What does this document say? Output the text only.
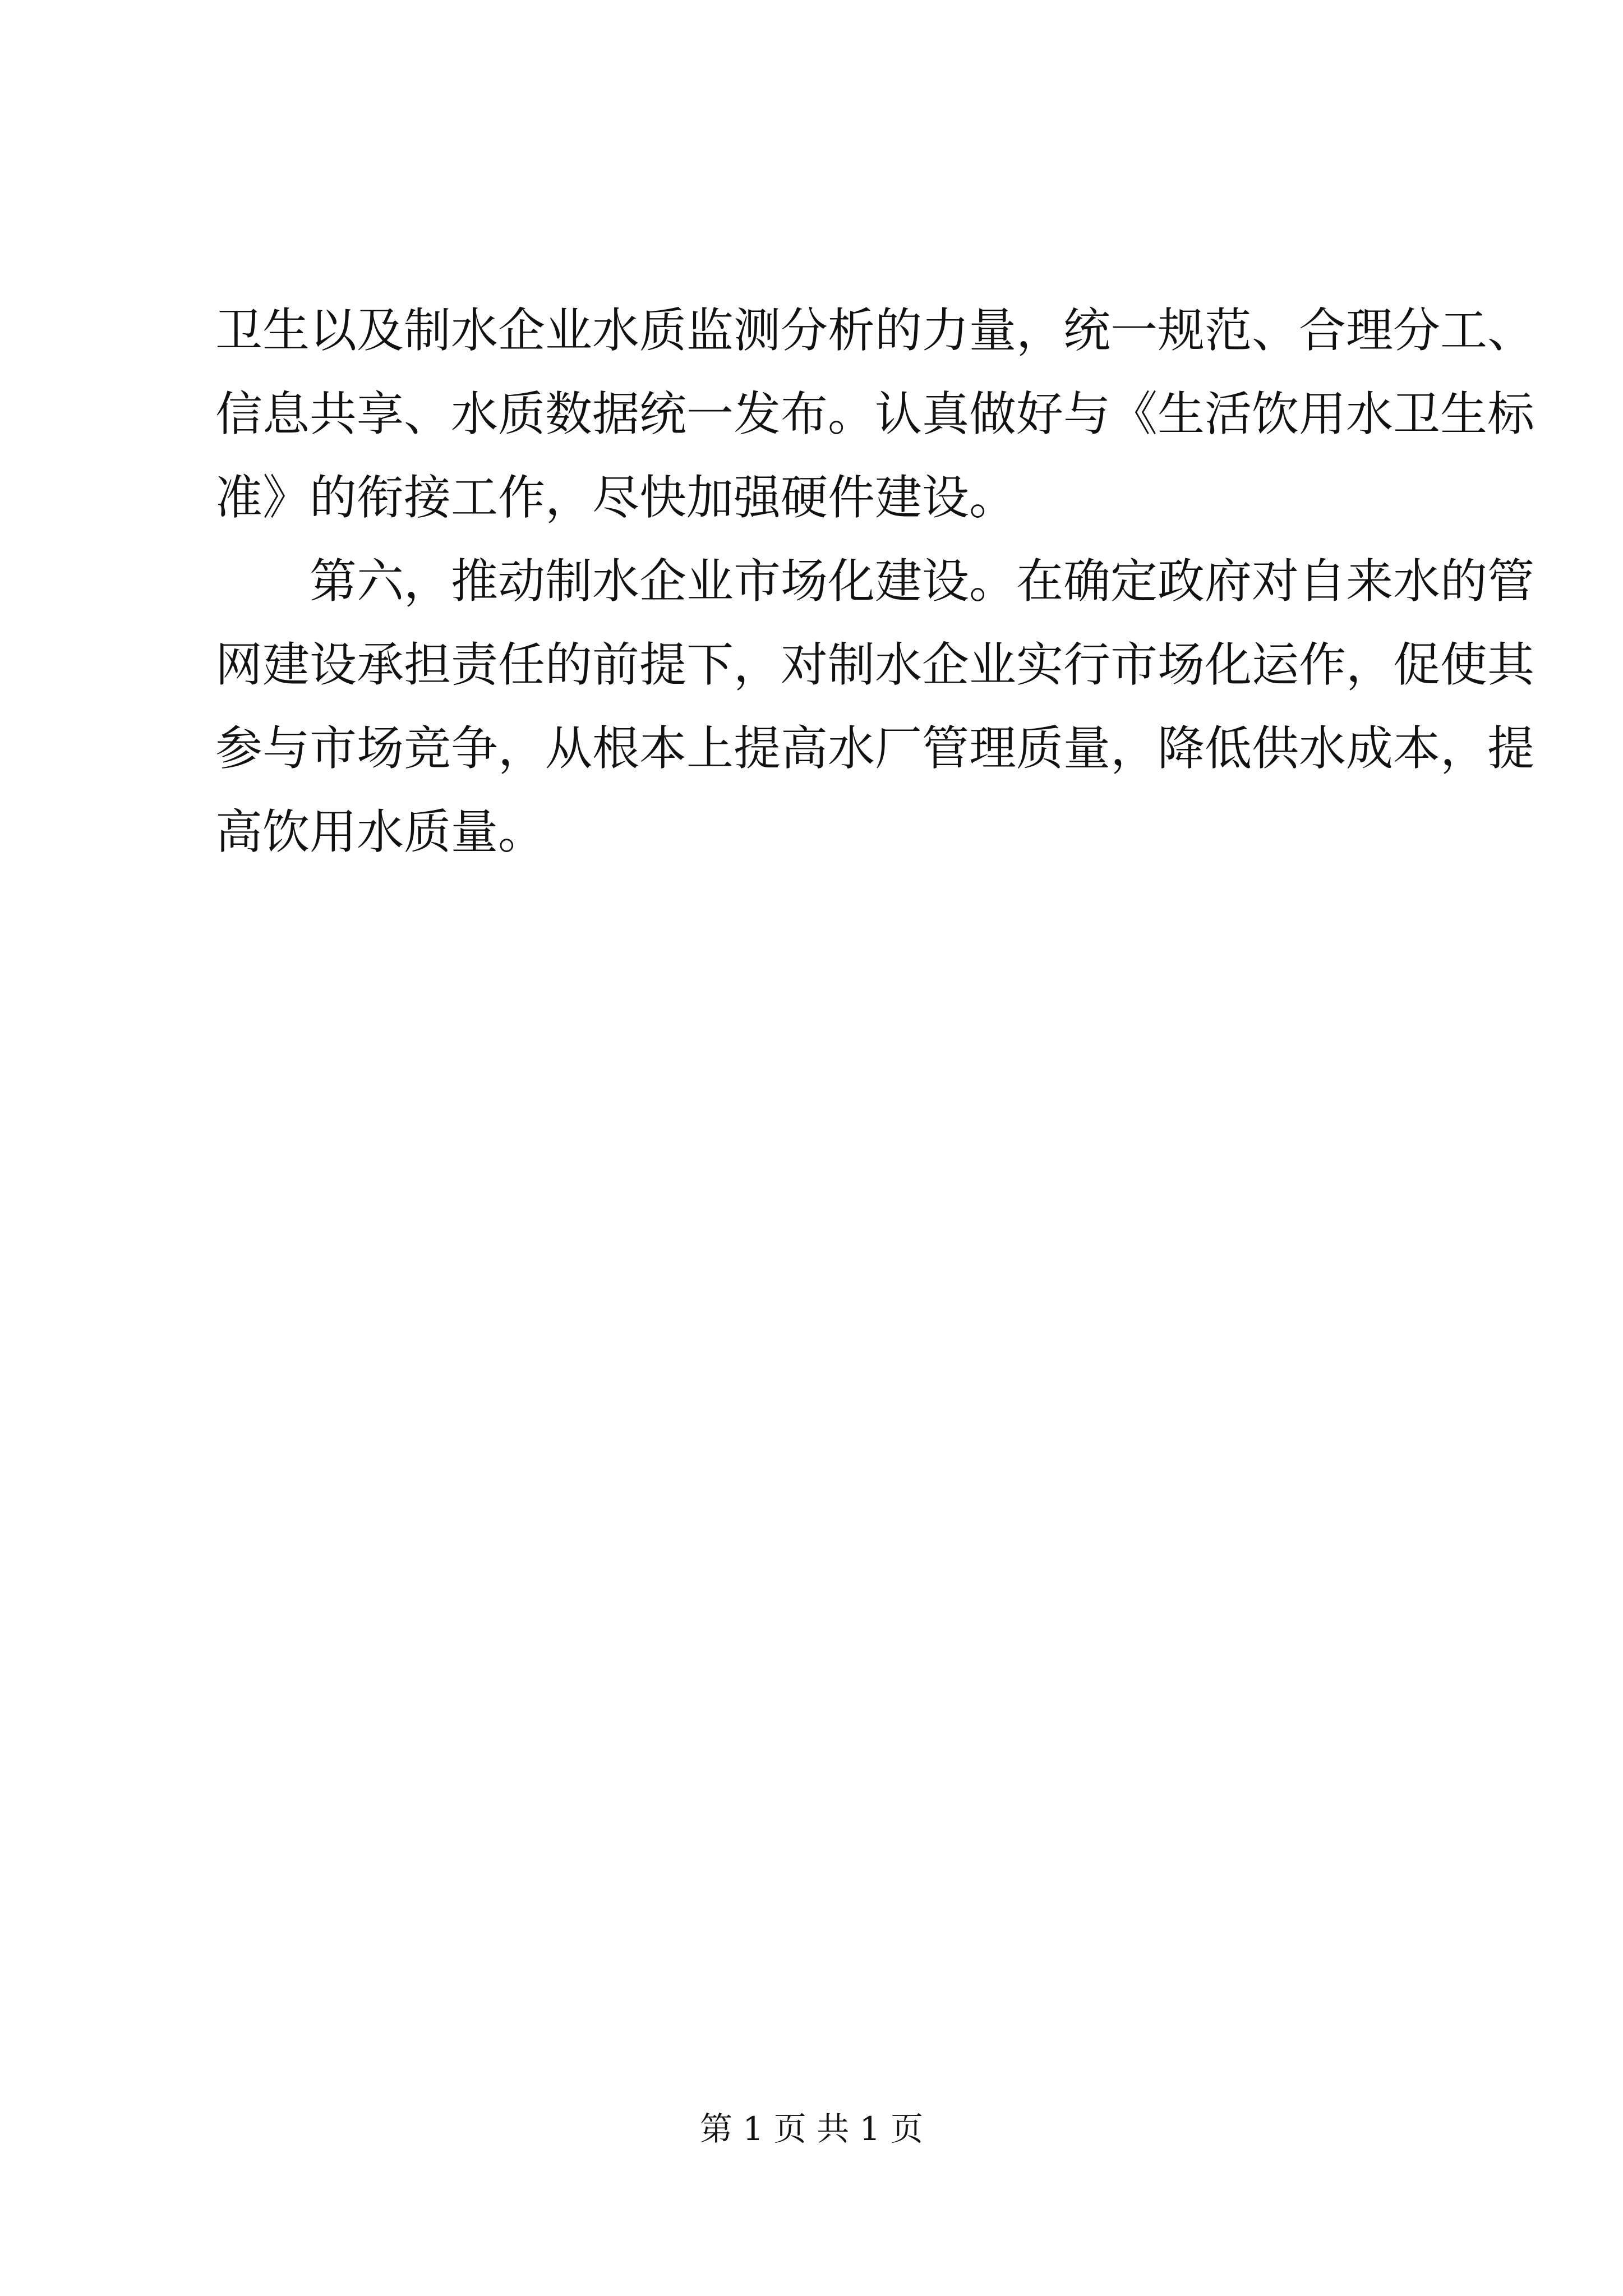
卫生以及制水企业水质监测分析的力量，统一规范、合理分工、
信息共享、水质数据统一发布。认真做好与《生活饮用水卫生标
准》的衔接工作，尽快加强硬件建设。
第六，推动制水企业市场化建设。在确定政府对自来水的管
网建设承担责任的前提下，对制水企业实行市场化运作，促使其
参与市场竞争，从根本上提高水厂管理质量，降低供水成本，提
高饮用水质量。
第 1 页 共 1 页
